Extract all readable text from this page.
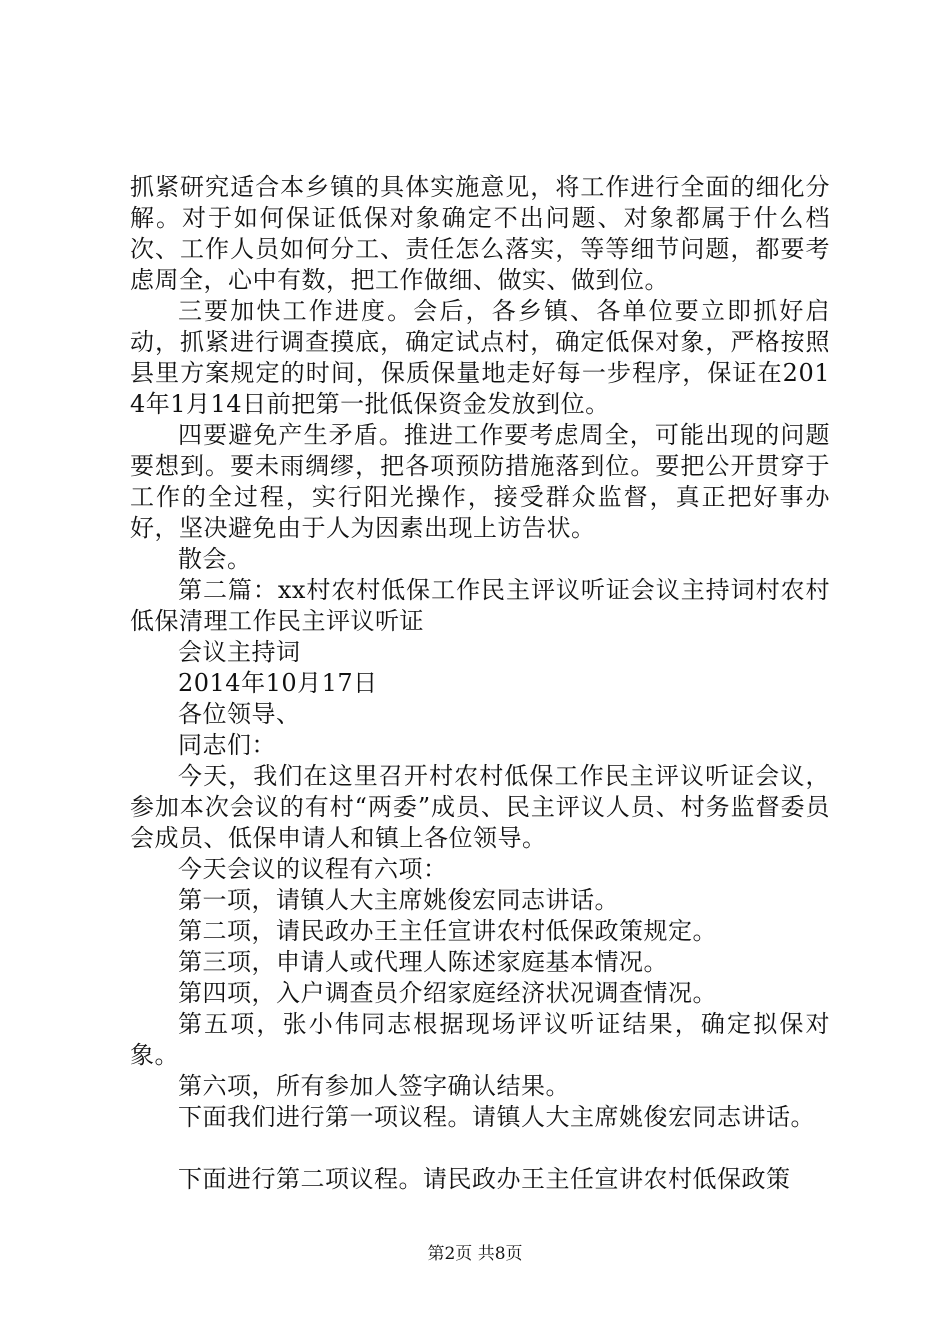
抓紧研究适合本乡镇的具体实施意见，将工作进行全面的细化分解。对于如何保证低保对象确定不出问题、对象都属于什么档次、工作人员如何分工、责任怎么落实，等等细节问题，都要考虑周全，心中有数，把工作做细、做实、做到位。

三要加快工作进度。会后，各乡镇、各单位要立即抓好启动，抓紧进行调查摸底，确定试点村，确定低保对象，严格按照县里方案规定的时间，保质保量地走好每一步程序，保证在2014年1月14日前把第一批低保资金发放到位。

四要避免产生矛盾。推进工作要考虑周全，可能出现的问题要想到。要未雨绸缪，把各项预防措施落到位。要把公开贯穿于工作的全过程，实行阳光操作，接受群众监督，真正把好事办好，坚决避免由于人为因素出现上访告状。

散会。

第二篇：xx村农村低保工作民主评议听证会议主持词村农村低保清理工作民主评议听证

会议主持词

2014年10月17日

各位领导、

同志们：

今天，我们在这里召开村农村低保工作民主评议听证会议，参加本次会议的有村“两委”成员、民主评议人员、村务监督委员会成员、低保申请人和镇上各位领导。

今天会议的议程有六项：

第一项，请镇人大主席姚俊宏同志讲话。

第二项，请民政办王主任宣讲农村低保政策规定。

第三项，申请人或代理人陈述家庭基本情况。

第四项，入户调查员介绍家庭经济状况调查情况。

第五项，张小伟同志根据现场评议听证结果，确定拟保对象。

第六项，所有参加人签字确认结果。

下面我们进行第一项议程。请镇人大主席姚俊宏同志讲话。

下面进行第二项议程。请民政办王主任宣讲农村低保政策

第2页 共8页
